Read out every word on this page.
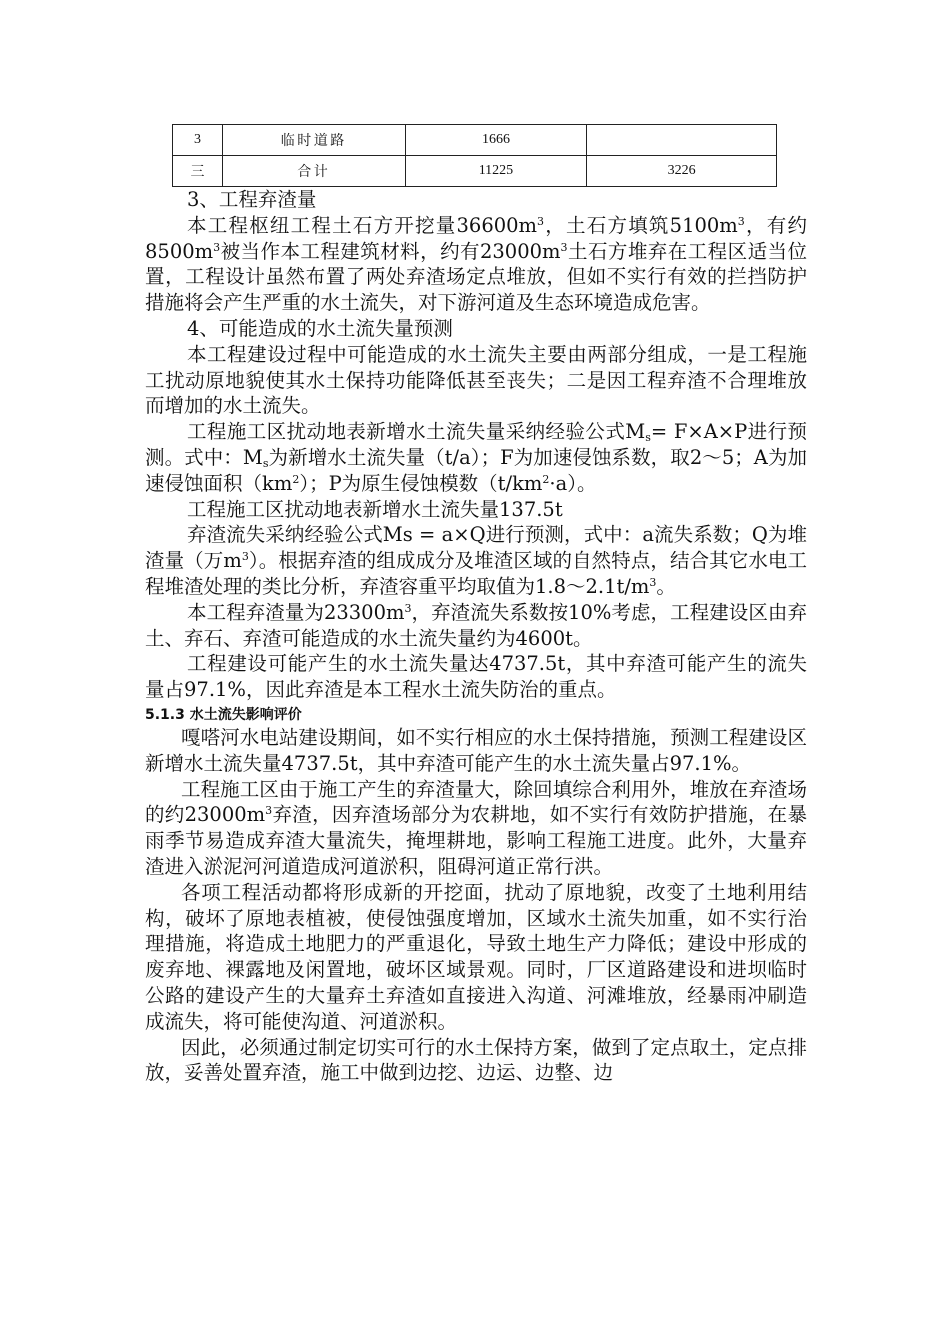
3	临时道路	1666	
三	合计	11225	3226

3、工程弃渣量

本工程枢纽工程土石方开挖量$36600m^3$，土石方填筑$5100m^3$，有约$8500m^3$被当作本工程建筑材料，约有$23000m^3$土石方堆弃在工程区适当位置，工程设计虽然布置了两处弃渣场定点堆放，但如不实行有效的拦挡防护措施将会产生严重的水土流失，对下游河道及生态环境造成危害。

4、可能造成的水土流失量预测

本工程建设过程中可能造成的水土流失主要由两部分组成，一是工程施工扰动原地貌使其水土保持功能降低甚至丧失；二是因工程弃渣不合理堆放而增加的水土流失。

工程施工区扰动地表新增水土流失量采纳经验公式$M_s= F\times A\times P$进行预测。式中：$M_s$为新增水土流失量（t/a）；F为加速侵蚀系数，取2～5；A为加速侵蚀面积$(km^2)$；P为原生侵蚀模数$(t/km^2\cdot a)$。

工程施工区扰动地表新增水土流失量137.5t

弃渣流失采纳经验公式Ms = a×Q进行预测，式中：a流失系数；Q为堆渣量（万$m^3$）。根据弃渣的组成成分及堆渣区域的自然特点，结合其它水电工程堆渣处理的类比分析，弃渣容重平均取值为$1.8\sim 2.1t/m^3$。

本工程弃渣量为$23300m^3$，弃渣流失系数按10%考虑，工程建设区由弃土、弃石、弃渣可能造成的水土流失量约为4600t。

工程建设可能产生的水土流失量达4737.5t，其中弃渣可能产生的流失量占97.1%，因此弃渣是本工程水土流失防治的重点。

5.1.3 水土流失影响评价

嘎嗒河水电站建设期间，如不实行相应的水土保持措施，预测工程建设区新增水土流失量4737.5t，其中弃渣可能产生的水土流失量占97.1%。

工程施工区由于施工产生的弃渣量大，除回填综合利用外，堆放在弃渣场的约$23000m^3$弃渣，因弃渣场部分为农耕地，如不实行有效防护措施，在暴雨季节易造成弃渣大量流失，掩埋耕地，影响工程施工进度。此外，大量弃渣进入淤泥河河道造成河道淤积，阻碍河道正常行洪。

各项工程活动都将形成新的开挖面，扰动了原地貌，改变了土地利用结构，破坏了原地表植被，使侵蚀强度增加，区域水土流失加重，如不实行治理措施，将造成土地肥力的严重退化，导致土地生产力降低；建设中形成的废弃地、裸露地及闲置地，破坏区域景观。同时，厂区道路建设和进坝临时公路的建设产生的大量弃土弃渣如直接进入沟道、河滩堆放，经暴雨冲刷造成流失，将可能使沟道、河道淤积。

因此，必须通过制定切实可行的水土保持方案，做到了定点取土，定点排放，妥善处置弃渣，施工中做到边挖、边运、边整、边
